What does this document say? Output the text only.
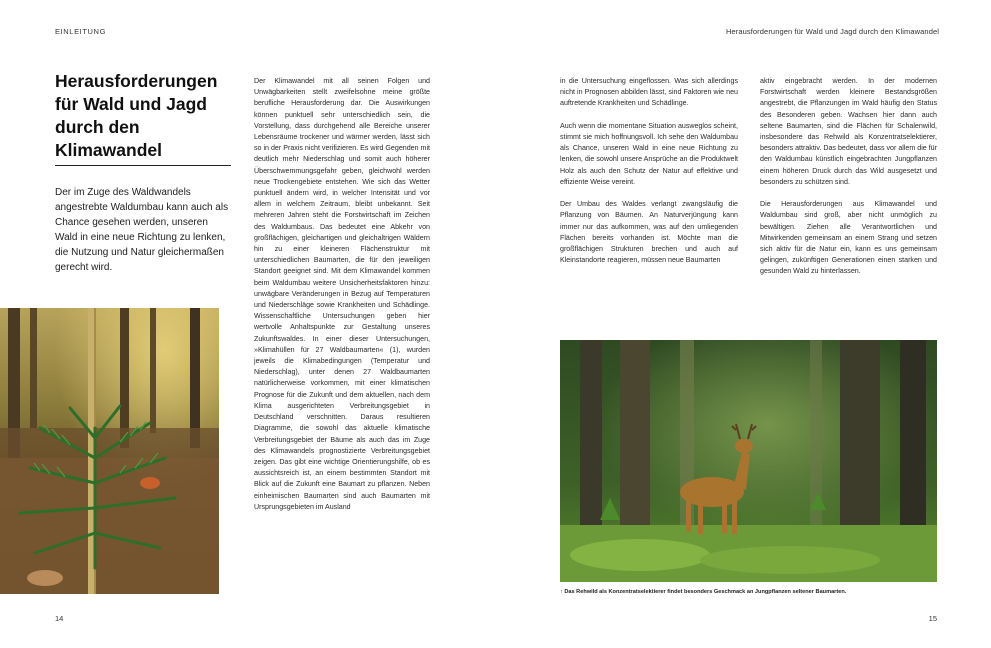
EINLEITUNG	Herausforderungen für Wald und Jagd durch den Klimawandel
Herausforderungen für Wald und Jagd durch den Klimawandel

Der im Zuge des Waldwandels angestrebte Waldumbau kann auch als Chance gesehen werden, unseren Wald in eine neue Richtung zu lenken, die Nutzung und Natur gleichermaßen gerecht wird.

Der Klimawandel mit all seinen Folgen und Unwägbarkeiten stellt zweifelsohne meine größte berufliche Herausforderung dar. Die Auswirkungen können punktuell sehr unterschiedlich sein, die Vorstellung, dass durchgehend alle Bereiche unserer Lebensräume trockener und wärmer werden, lässt sich so in der Praxis nicht verifizieren. Es wird Gegenden mit deutlich mehr Niederschlag und somit auch höherer Überschwemmungsgefahr geben, gleichwohl werden neue Trockengebiete entstehen. Wie sich das Wetter punktuell ändern wird, in welcher Intensität und vor allem in welchem Zeitraum, bleibt unbekannt. Seit mehreren Jahren steht die Forstwirtschaft im Zeichen des Waldumbaus. Das bedeutet eine Abkehr von großflächigen, gleichartigen und gleichaltrigen Wäldern hin zu einer kleineren Flächenstruktur mit unterschiedlichen Baumarten, die für den jeweiligen Standort geeignet sind. Mit dem Klimawandel kommen beim Waldumbau weitere Unsicherheitsfaktoren hinzu: unwägbare Veränderungen in Bezug auf Temperaturen und Niederschläge sowie Krankheiten und Schädlinge. Wissenschaftliche Untersuchungen geben hier wertvolle Anhaltspunkte zur Gestaltung unseres Zukunftswaldes. In einer dieser Untersuchungen, »Klimahüllen für 27 Waldbaumarten« (1), wurden jeweils die Klimabedingungen (Temperatur und Niederschlag), unter denen 27 Waldbaumarten natürlicherweise vorkommen, mit einer klimatischen Prognose für die Zukunft und dem aktuellen, nach dem Klima ausgerichteten Verbreitungsgebiet in Deutschland verschnitten. Daraus resultieren Diagramme, die sowohl das aktuelle klimatische Verbreitungsgebiet der Bäume als auch das im Zuge des Klimawandels prognostizierte Verbreitungsgebiet zeigen. Das gibt eine wichtige Orientierungshilfe, ob es aussichtsreich ist, an einem bestimmten Standort mit Blick auf die Zukunft eine Baumart zu pflanzen. Neben einheimischen Baumarten sind auch Baumarten mit Ursprungsgebieten im Ausland

in die Untersuchung eingeflossen. Was sich allerdings nicht in Prognosen abbilden lässt, sind Faktoren wie neu auftretende Krankheiten und Schädlinge.

Auch wenn die momentane Situation ausweglos scheint, stimmt sie mich hoffnungsvoll. Ich sehe den Waldumbau als Chance, unseren Wald in eine neue Richtung zu lenken, die sowohl unsere Ansprüche an die Produktwelt Holz als auch den Schutz der Natur auf effektive und effiziente Weise vereint.

Der Umbau des Waldes verlangt zwangsläufig die Pflanzung von Bäumen. An Naturverjüngung kann immer nur das aufkommen, was auf den umliegenden Flächen bereits vorhanden ist. Möchte man die großflächigen Strukturen brechen und auch auf Kleinstandorte reagieren, müssen neue Baumarten

aktiv eingebracht werden. In der modernen Forstwirtschaft werden kleinere Bestandsgrößen angestrebt, die Pflanzungen im Wald häufig den Status des Besonderen geben. Wachsen hier dann auch seltene Baumarten, sind die Flächen für Schalenwild, insbesondere das Rehwild als Konzentratselektierer, besonders attraktiv. Das bedeutet, dass vor allem die für den Waldumbau künstlich eingebrachten Jungpflanzen einem höheren Druck durch das Wild ausgesetzt und besonders zu schützen sind.

Die Herausforderungen aus Klimawandel und Waldumbau sind groß, aber nicht unmöglich zu bewältigen. Ziehen alle Verantwortlichen und Mitwirkenden gemeinsam an einem Strang und setzen sich aktiv für die Natur ein, kann es uns gemeinsam gelingen, zukünftigen Generationen einen starken und gesunden Wald zu hinterlassen.

↑ Das Rehwild als Konzentratselektierer findet besonders Geschmack an Jungpflanzen seltener Baumarten.
14	15
